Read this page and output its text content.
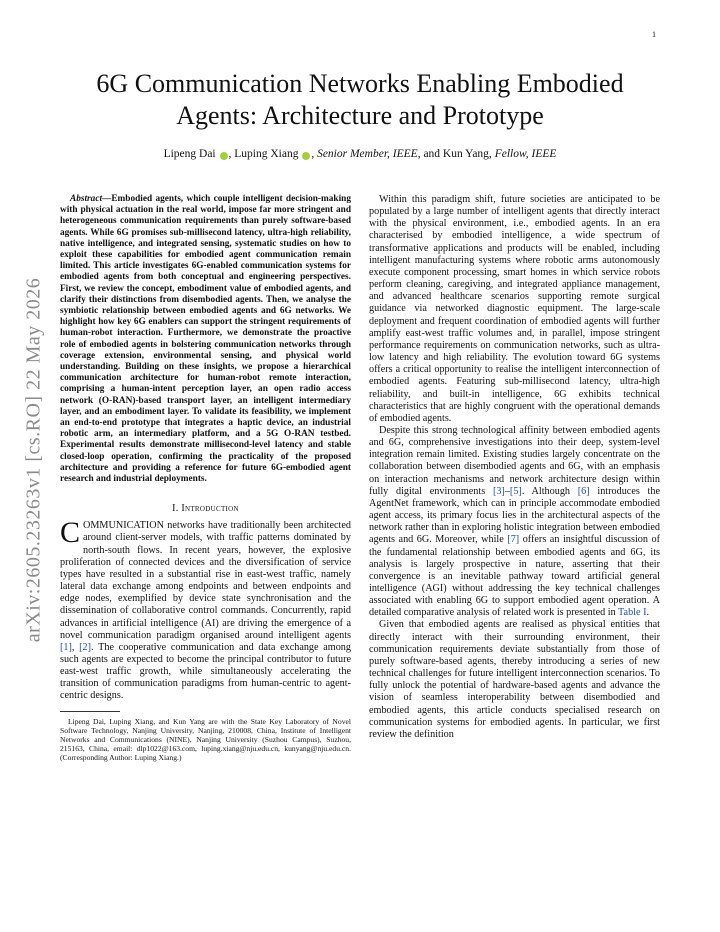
1
arXiv:2605.23263v1 [cs.RO] 22 May 2026
6G Communication Networks Enabling Embodied Agents: Architecture and Prototype
Lipeng Dai , Luping Xiang , Senior Member, IEEE, and Kun Yang, Fellow, IEEE

Abstract—Embodied agents, which couple intelligent decision-making with physical actuation in the real world, impose far more stringent and heterogeneous communication requirements than purely software-based agents. While 6G promises sub-millisecond latency, ultra-high reliability, native intelligence, and integrated sensing, systematic studies on how to exploit these capabilities for embodied agent communication remain limited. This article investigates 6G-enabled communication systems for embodied agents from both conceptual and engineering perspectives. First, we review the concept, embodiment value of embodied agents, and clarify their distinctions from disembodied agents. Then, we analyse the symbiotic relationship between embodied agents and 6G networks. We highlight how key 6G enablers can support the stringent requirements of human-robot interaction. Furthermore, we demonstrate the proactive role of embodied agents in bolstering communication networks through coverage extension, environmental sensing, and physical world understanding. Building on these insights, we propose a hierarchical communication architecture for human-robot remote interaction, comprising a human-intent perception layer, an open radio access network (O-RAN)-based transport layer, an intelligent intermediary layer, and an embodiment layer. To validate its feasibility, we implement an end-to-end prototype that integrates a haptic device, an industrial robotic arm, an intermediary platform, and a 5G O-RAN testbed. Experimental results demonstrate millisecond-level latency and stable closed-loop operation, confirming the practicality of the proposed architecture and providing a reference for future 6G-embodied agent research and industrial deployments.

I. Introduction

COMMUNICATION networks have traditionally been architected around client-server models, with traffic patterns dominated by north-south flows. In recent years, however, the explosive proliferation of connected devices and the diversification of service types have resulted in a substantial rise in east-west traffic, namely lateral data exchange among endpoints and between endpoints and edge nodes, exemplified by device state synchronisation and the dissemination of collaborative control commands. Concurrently, rapid advances in artificial intelligence (AI) are driving the emergence of a novel communication paradigm organised around intelligent agents [1], [2]. The cooperative communication and data exchange among such agents are expected to become the principal contributor to future east-west traffic growth, while simultaneously accelerating the transition of communication paradigms from human-centric to agent-centric designs.

Lipeng Dai, Luping Xiang, and Kun Yang are with the State Key Laboratory of Novel Software Technology, Nanjing University, Nanjing, 210008, China, Institute of Intelligent Networks and Communications (NINE), Nanjing University (Suzhou Campus), Suzhou, 215163, China, email: dlp1022@163.com, luping.xiang@nju.edu.cn, kunyang@nju.edu.cn. (Corresponding Author: Luping Xiang.)

Within this paradigm shift, future societies are anticipated to be populated by a large number of intelligent agents that directly interact with the physical environment, i.e., embodied agents. In an era characterised by embodied intelligence, a wide spectrum of transformative applications and products will be enabled, including intelligent manufacturing systems where robotic arms autonomously execute component processing, smart homes in which service robots perform cleaning, caregiving, and integrated appliance management, and advanced healthcare scenarios supporting remote surgical guidance via networked diagnostic equipment. The large-scale deployment and frequent coordination of embodied agents will further amplify east-west traffic volumes and, in parallel, impose stringent performance requirements on communication networks, such as ultra-low latency and high reliability. The evolution toward 6G systems offers a critical opportunity to realise the intelligent interconnection of embodied agents. Featuring sub-millisecond latency, ultra-high reliability, and built-in intelligence, 6G exhibits technical characteristics that are highly congruent with the operational demands of embodied agents.

Despite this strong technological affinity between embodied agents and 6G, comprehensive investigations into their deep, system-level integration remain limited. Existing studies largely concentrate on the collaboration between disembodied agents and 6G, with an emphasis on interaction mechanisms and network architecture design within fully digital environments [3]–[5]. Although [6] introduces the AgentNet framework, which can in principle accommodate embodied agent access, its primary focus lies in the architectural aspects of the network rather than in exploring holistic integration between embodied agents and 6G. Moreover, while [7] offers an insightful discussion of the fundamental relationship between embodied agents and 6G, its analysis is largely prospective in nature, asserting that their convergence is an inevitable pathway toward artificial general intelligence (AGI) without addressing the key technical challenges associated with enabling 6G to support embodied agent operation. A detailed comparative analysis of related work is presented in Table I.

Given that embodied agents are realised as physical entities that directly interact with their surrounding environment, their communication requirements deviate substantially from those of purely software-based agents, thereby introducing a series of new technical challenges for future intelligent interconnection scenarios. To fully unlock the potential of hardware-based agents and advance the vision of seamless interoperability between disembodied and embodied agents, this article conducts specialised research on communication systems for embodied agents. In particular, we first review the definition
